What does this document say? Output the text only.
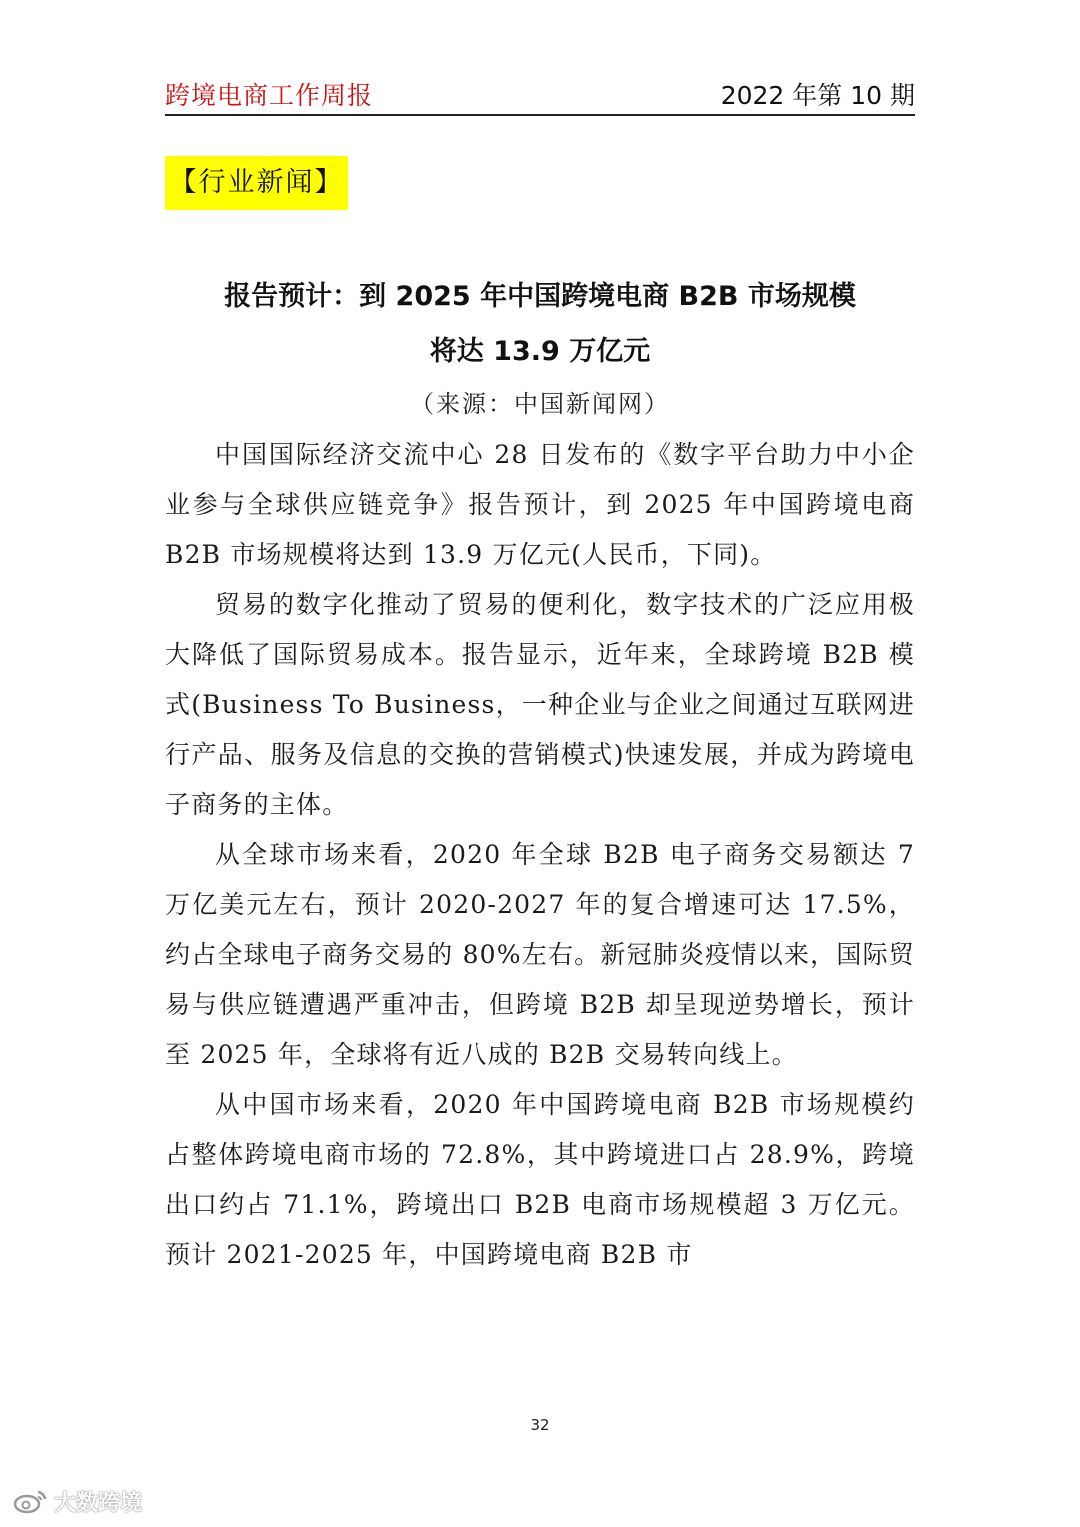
跨境电商工作周报	2022 年第 10 期
【行业新闻】
报告预计：到 2025 年中国跨境电商 B2B 市场规模
将达 13.9 万亿元
（来源：中国新闻网）

中国国际经济交流中心 28 日发布的《数字平台助力中小企业参与全球供应链竞争》报告预计，到 2025 年中国跨境电商 B2B 市场规模将达到 13.9 万亿元(人民币，下同)。

贸易的数字化推动了贸易的便利化，数字技术的广泛应用极大降低了国际贸易成本。报告显示，近年来，全球跨境 B2B 模式(Business To Business，一种企业与企业之间通过互联网进行产品、服务及信息的交换的营销模式)快速发展，并成为跨境电子商务的主体。

从全球市场来看，2020 年全球 B2B 电子商务交易额达 7 万亿美元左右，预计 2020-2027 年的复合增速可达 17.5%，约占全球电子商务交易的 80%左右。新冠肺炎疫情以来，国际贸易与供应链遭遇严重冲击，但跨境 B2B 却呈现逆势增长，预计至 2025 年，全球将有近八成的 B2B 交易转向线上。

从中国市场来看，2020 年中国跨境电商 B2B 市场规模约占整体跨境电商市场的 72.8%，其中跨境进口占 28.9%，跨境出口约占 71.1%，跨境出口 B2B 电商市场规模超 3 万亿元。预计 2021-2025 年，中国跨境电商 B2B 市

32
大数跨境
